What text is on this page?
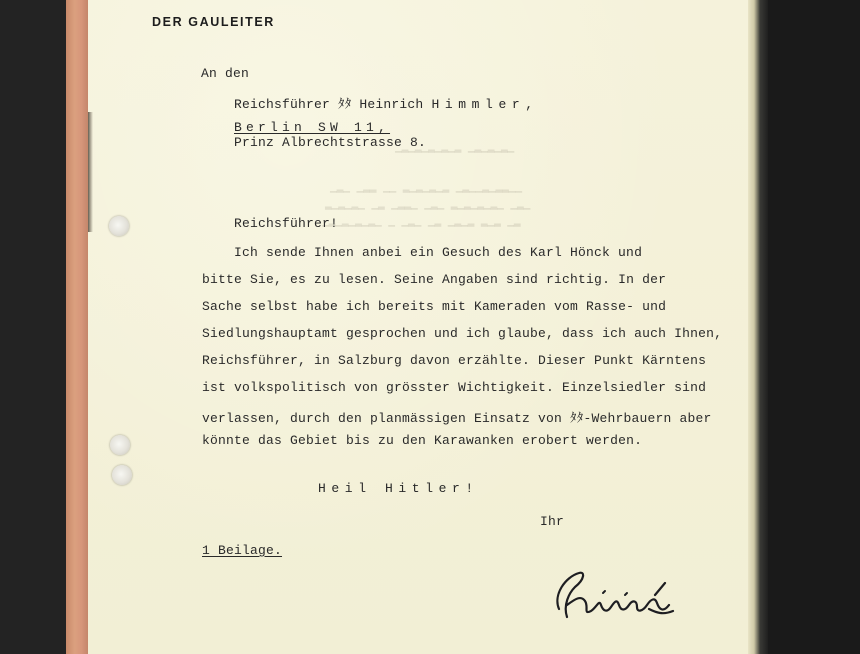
▁▂▁ ▁▂▂ ▁▁ ▂▁▂▁▂▁▂ ▁▂▁▁▂▁▂▂▁▁
▂▁▂▁▂▁ ▁▂ ▁▂▂▁ ▁▂▁ ▂▁▂▁▂▁▂▁ ▁▂▁
▁▂▁▂▁▂▁▂▁ ▁ ▁▂▁ ▁▂ ▁▂▁▂ ▂▁▂ ▁▂
▁▂▁▂▁▂▁▂▁▂ ▁▂▁▂▁▂▁
DER GAULEITER
An den
Reichsführer ﾀﾀ Heinrich Himmler,
Berlin SW 11,
Prinz Albrechtstrasse 8.
Reichsführer!
Ich sende Ihnen anbei ein Gesuch des Karl Hönck und
bitte Sie, es zu lesen. Seine Angaben sind richtig. In der
Sache selbst habe ich bereits mit Kameraden vom Rasse- und
Siedlungshauptamt gesprochen und ich glaube, dass ich auch Ihnen,
Reichsführer, in Salzburg davon erzählte. Dieser Punkt Kärntens
ist volkspolitisch von grösster Wichtigkeit. Einzelsiedler sind
verlassen, durch den planmässigen Einsatz von ﾀﾀ-Wehrbauern aber
könnte das Gebiet bis zu den Karawanken erobert werden.
Heil Hitler!
Ihr
1 Beilage.
